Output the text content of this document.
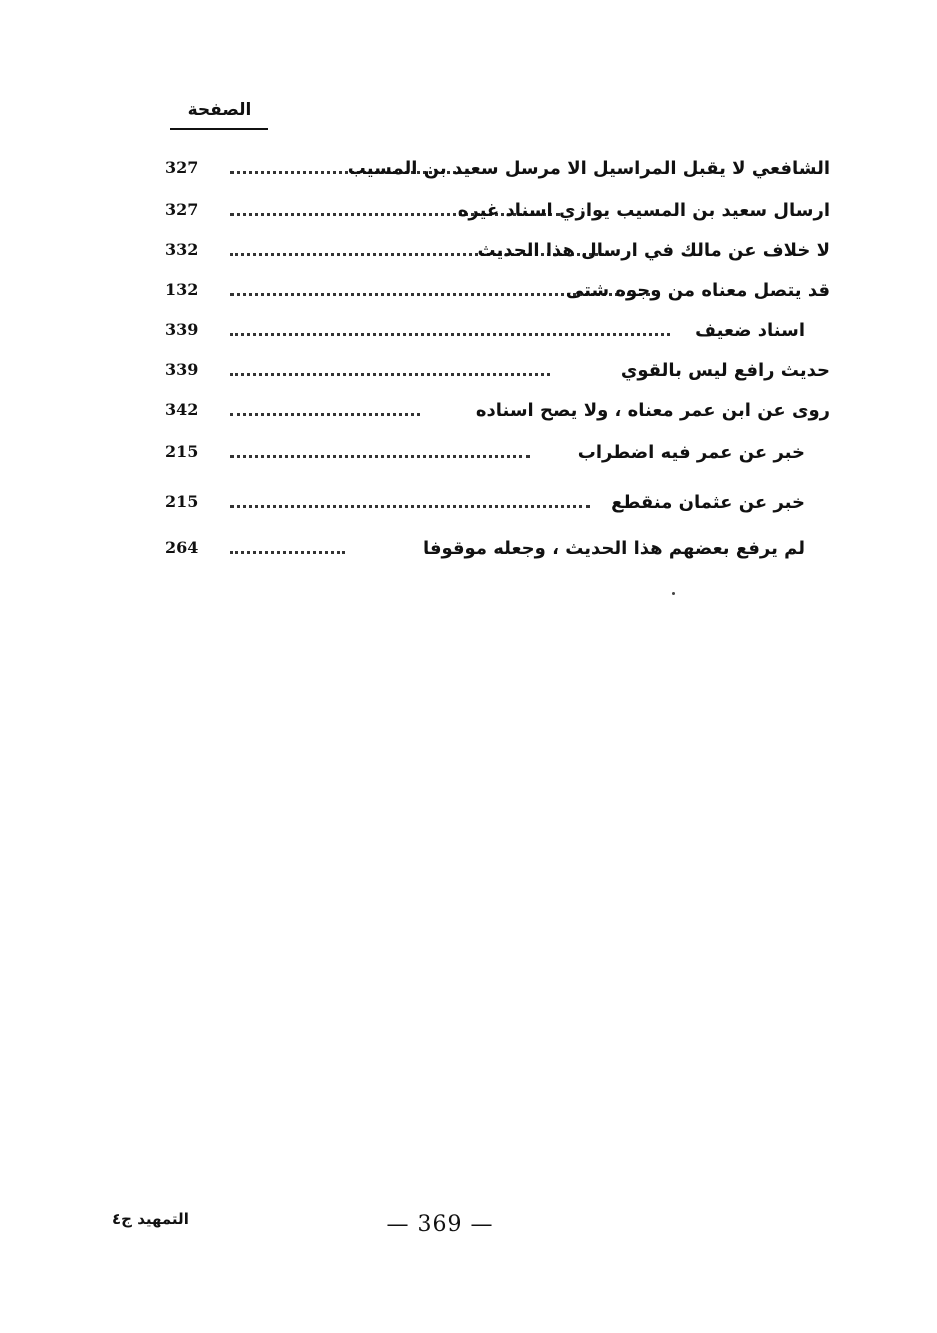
الصفحة
327	الشافعي لا يقبل المراسيل الا مرسل سعيد بن المسيب
327	ارسال سعيد بن المسيب يوازي اسناد غيره
332	لا خلاف عن مالك في ارسال هذا الحديث
132	قد يتصل معناه من وجوه شتى
339	اسناد ضعيف
339	حديث رافع ليس بالقوي
342	روى عن ابن عمر معناه ، ولا يصح اسناده
215	خبر عن عمر فيه اضطراب
215	خبر عن عثمان منقطع
264	لم يرفع بعضهم هذا الحديث ، وجعله موقوفا
التمهيد ج٤	— 369 —
